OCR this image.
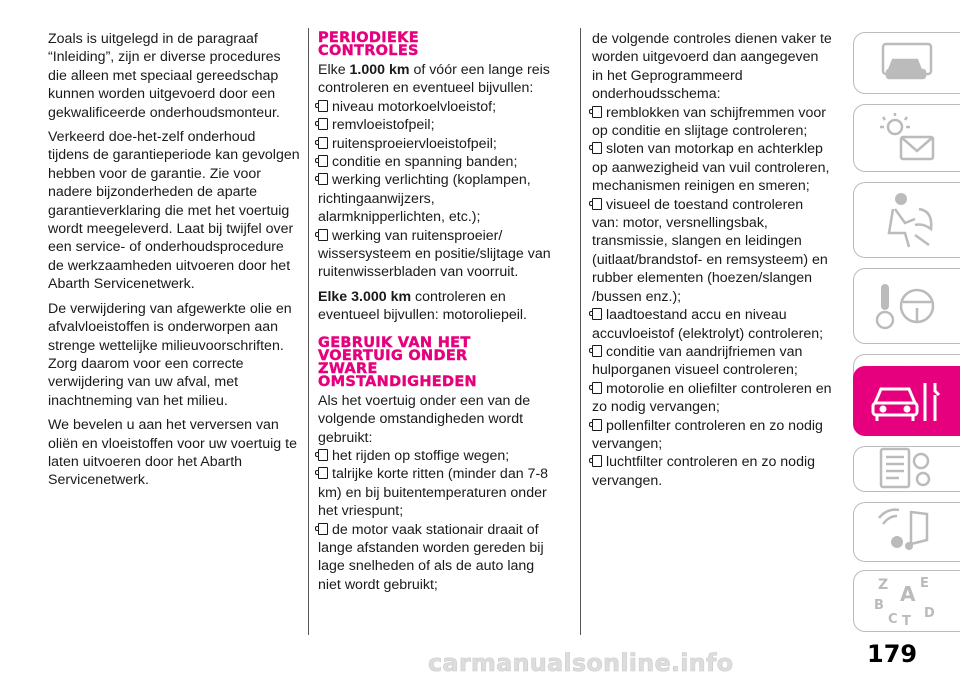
Zoals is uitgelegd in de paragraaf “Inleiding”, zijn er diverse procedures die alleen met speciaal gereedschap kunnen worden uitgevoerd door een gekwalificeerde onderhoudsmonteur.

Verkeerd doe-het-zelf onderhoud tijdens de garantieperiode kan gevolgen hebben voor de garantie. Zie voor nadere bijzonderheden de aparte garantieverklaring die met het voertuig wordt meegeleverd. Laat bij twijfel over een service- of onderhoudsprocedure de werkzaamheden uitvoeren door het Abarth Servicenetwerk.

De verwijdering van afgewerkte olie en afvalvloeistoffen is onderworpen aan strenge wettelijke milieuvoorschriften. Zorg daarom voor een correcte verwijdering van uw afval, met inachtneming van het milieu.

We bevelen u aan het verversen van oliën en vloeistoffen voor uw voertuig te laten uitvoeren door het Abarth Servicenetwerk.

PERIODIEKE
CONTROLES

Elke 1.000 km of vóór een lange reis controleren en eventueel bijvullen:

niveau motorkoelvloeistof;
remvloeistofpeil;
ruitensproeiervloeistofpeil;
conditie en spanning banden;
werking verlichting (koplampen, richtingaanwijzers, alarmknipperlichten, etc.);
werking van ruitensproeier/ wissersysteem en positie/slijtage van ruitenwisserbladen van voorruit.

Elke 3.000 km controleren en eventueel bijvullen: motoroliepeil.

GEBRUIK VAN HET
VOERTUIG ONDER
ZWARE
OMSTANDIGHEDEN

Als het voertuig onder een van de volgende omstandigheden wordt gebruikt:

het rijden op stoffige wegen;
talrijke korte ritten (minder dan 7-8 km) en bij buitentemperaturen onder het vriespunt;
de motor vaak stationair draait of lange afstanden worden gereden bij lage snelheden of als de auto lang niet wordt gebruikt;

de volgende controles dienen vaker te worden uitgevoerd dan aangegeven in het Geprogrammeerd onderhoudsschema:

remblokken van schijfremmen voor op conditie en slijtage controleren;
sloten van motorkap en achterklep op aanwezigheid van vuil controleren, mechanismen reinigen en smeren;
visueel de toestand controleren van: motor, versnellingsbak, transmissie, slangen en leidingen (uitlaat/brandstof- en remsysteem) en rubber elementen (hoezen/slangen /bussen enz.);
laadtoestand accu en niveau accuvloeistof (elektrolyt) controleren;
conditie van aandrijfriemen van hulporganen visueel controleren;
motorolie en oliefilter controleren en zo nodig vervangen;
pollenfilter controleren en zo nodig vervangen;
luchtfilter controleren en zo nodig vervangen.
Z E
A
B
C T
D
179
carmanualsonline.info
